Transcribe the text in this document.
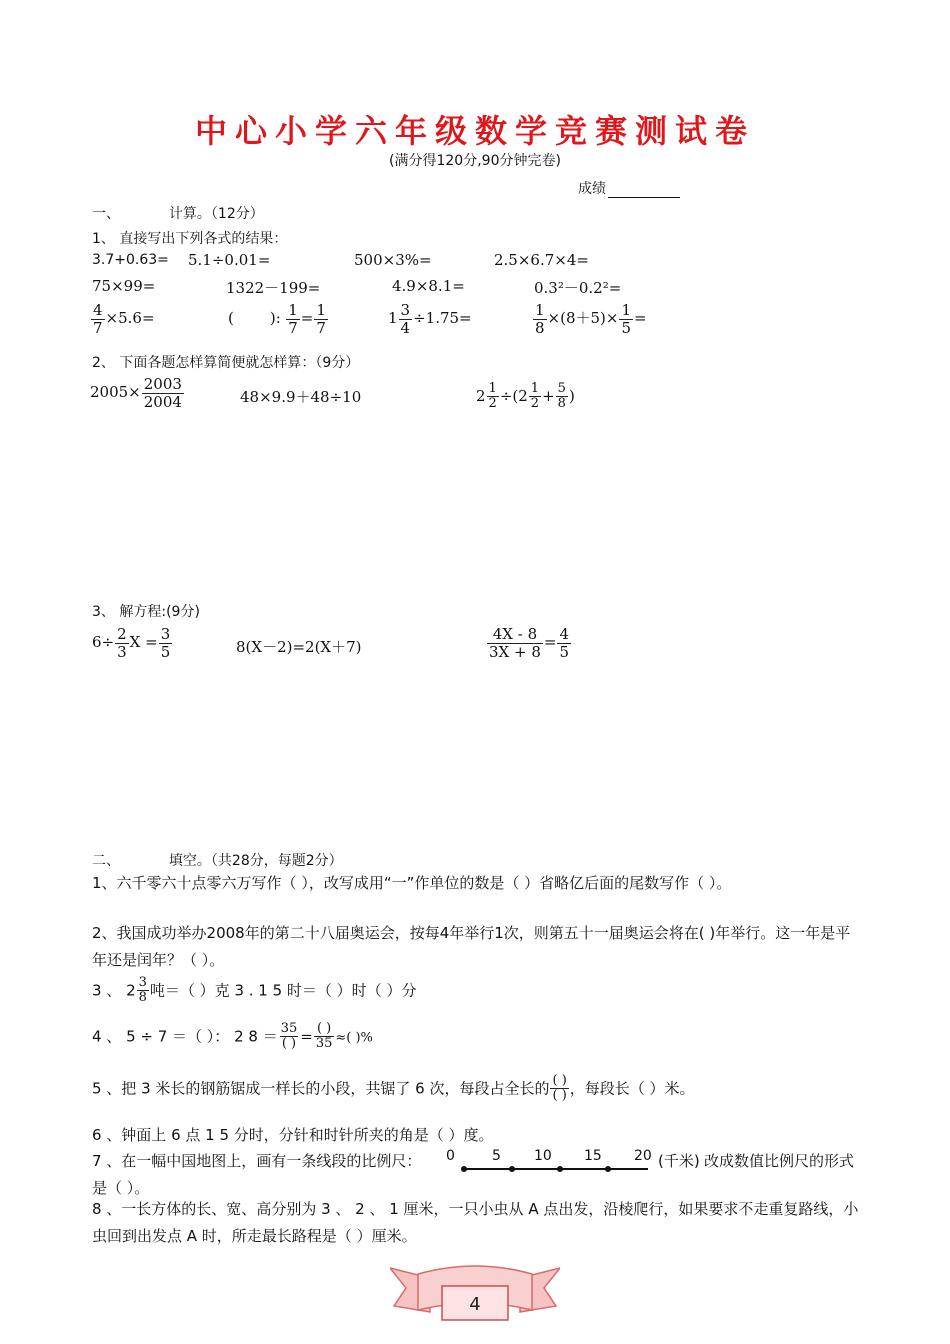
中心小学六年级数学竞赛测试卷
(满分得120分,90分钟完卷)
成绩
一、	计算。（12分）
1、 直接写出下列各式的结果：
3.7+0.63= 5.1÷0.01=	500×3%=	2.5×6.7×4=
75×99=	1322－199=	4.9×8.1=	0.3²－0.2²=
$\frac{4}{7} \times 5.6=$	( ): $\frac{1}{7} = \frac{1}{7}$	$1 \frac{3}{4} \div 1.75=$	$\frac{1}{8} \times(8+5)\times \frac{1}{5}$ =
2、 下面各题怎样算简便就怎样算：（9分）
$2005\times \frac{2003}{2004}$	48×9.9＋48÷10	$2 \frac{1}{2} \div(2 \frac{1}{2} + \frac{5}{8}$ )
3、 解方程:(9分)
$6\div \frac{2}{3}$ $X = \frac{3}{5}$	8(X－2)=2(X＋7)	$\frac{4X - 8}{3X + 8} = \frac{4}{5}$
二、	填空。（共28分，每题2分）
1、六千零六十点零六万写作（ ），改写成用“一”作单位的数是（ ）省略亿后面的尾数写作（ ）。
2、我国成功举办2008年的第二十八届奥运会，按每4年举行1次，则第五十一届奥运会将在( )年举行。这一年是平年还是闰年？（ ）。
3 、 $2 \frac{3}{8}$ 吨＝（ ）克 3 . 1 5 时＝（ ）时（ ）分
4 、 5 ÷ 7 ＝（ ）： 2 $8 = \frac{35}{( )} = \frac{( )}{35}$ ≈( )%
5 、把 3 米长的钢筋锯成一样长的小段，共锯了 6 次，每段占全长的 $\frac{( )}{( )}$ ，每段长（ ）米。
6 、钟面上 6 点 1 5 分时，分针和时针所夹的角是（ ）度。
7 、在一幅中国地图上，画有一条线段的比例尺： 0	5 10 15 20 (千米) 改成数值比例尺的形式是（ ）。
8 、一长方体的长、宽、高分别为 3 、 2 、 1 厘米，一只小虫从 A 点出发，沿棱爬行，如果要求不走重复路线，小虫回到出发点 A 时，所走最长路程是（ ）厘米。
4
